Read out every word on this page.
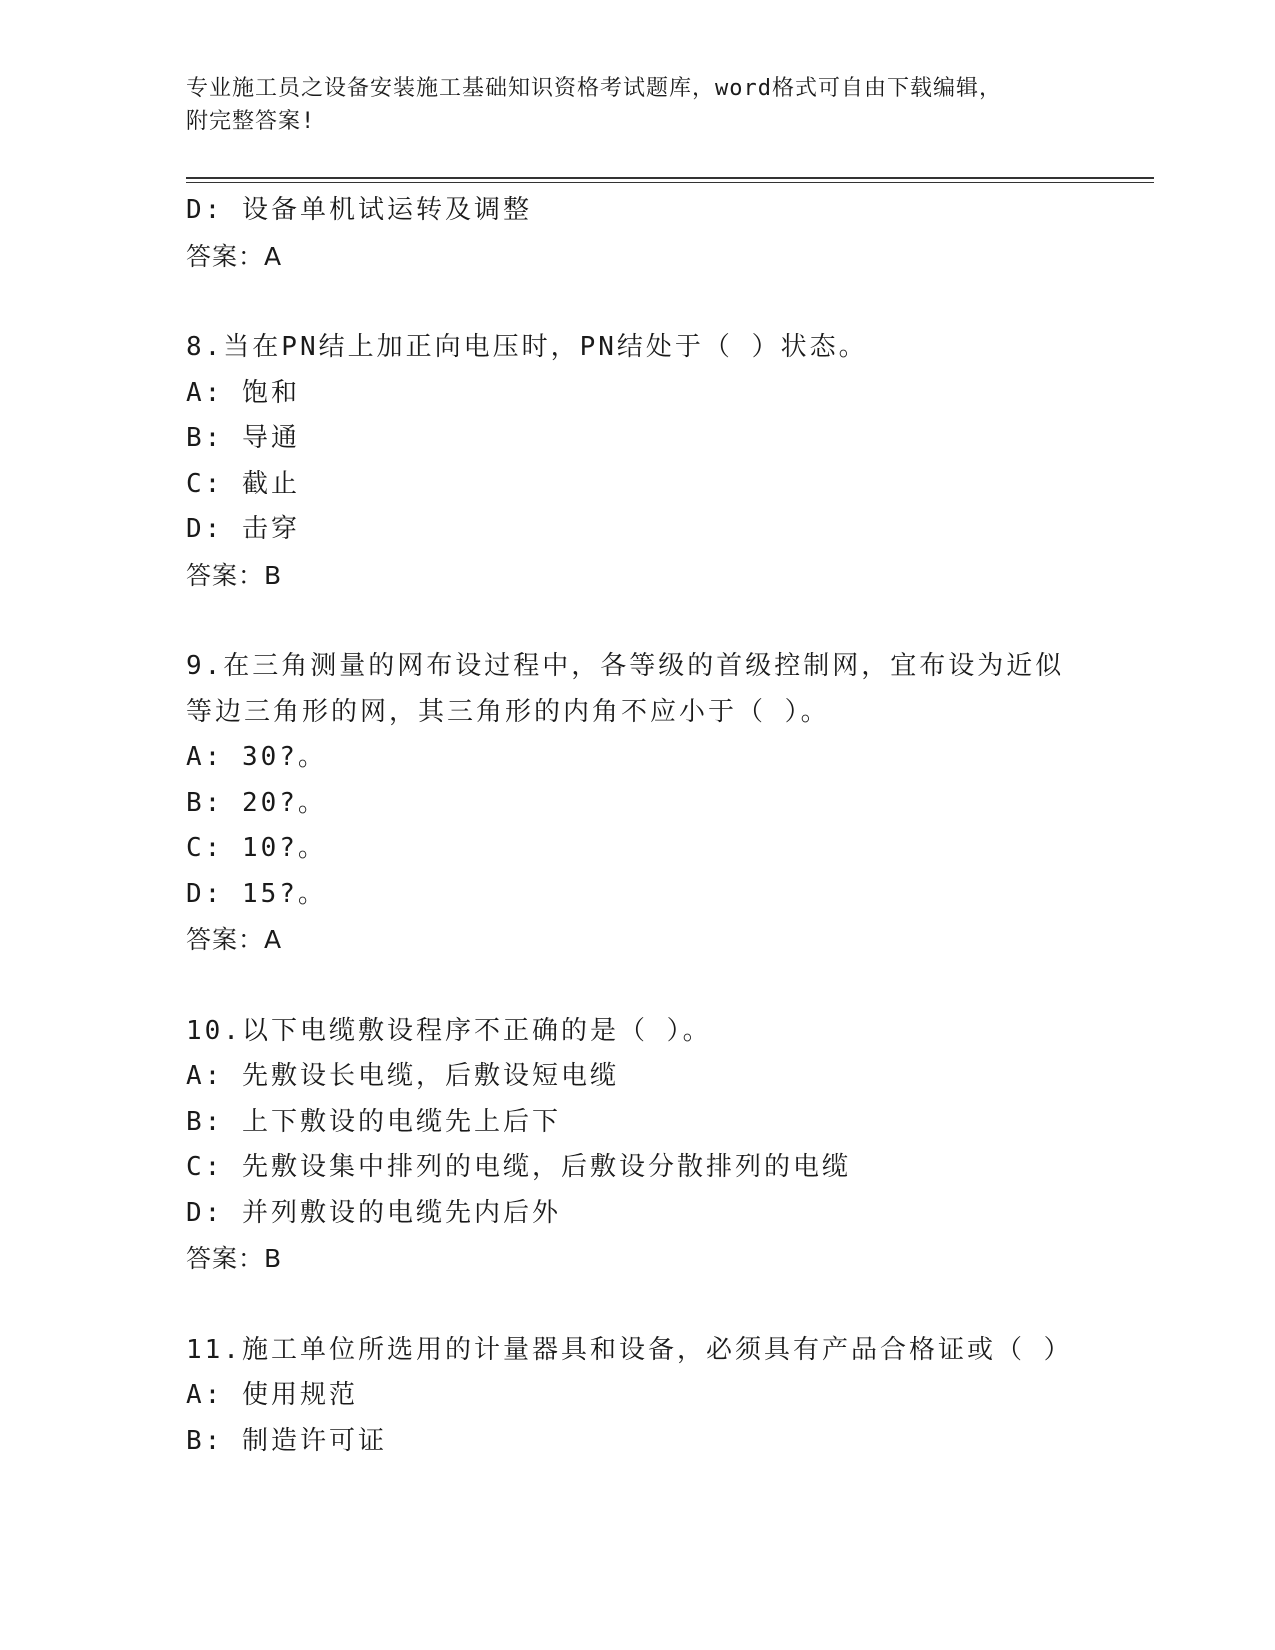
专业施工员之设备安装施工基础知识资格考试题库，word格式可自由下载编辑，
附完整答案!
D: 设备单机试运转及调整
答案：A
8.当在PN结上加正向电压时，PN结处于（ ）状态。
A: 饱和
B: 导通
C: 截止
D: 击穿
答案：B
9.在三角测量的网布设过程中，各等级的首级控制网，宜布设为近似
等边三角形的网，其三角形的内角不应小于（ ）。
A: 30?。
B: 20?。
C: 10?。
D: 15?。
答案：A
10.以下电缆敷设程序不正确的是（ ）。
A: 先敷设长电缆，后敷设短电缆
B: 上下敷设的电缆先上后下
C: 先敷设集中排列的电缆，后敷设分散排列的电缆
D: 并列敷设的电缆先内后外
答案：B
11.施工单位所选用的计量器具和设备，必须具有产品合格证或（ ）
A: 使用规范
B: 制造许可证
